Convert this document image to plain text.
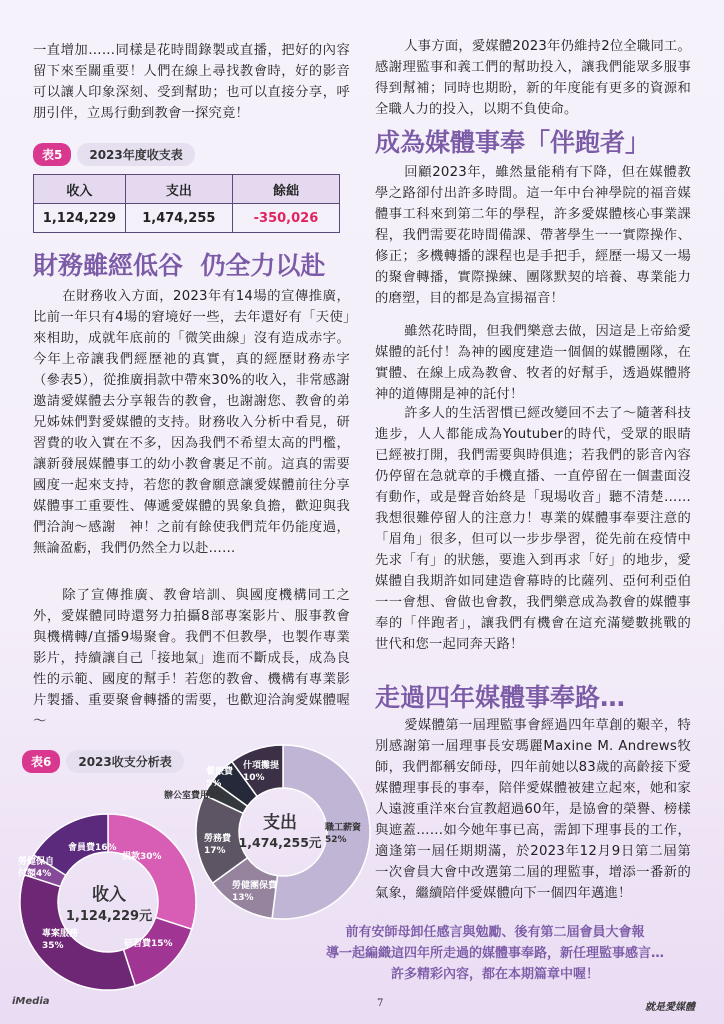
一直增加……同樣是花時間錄製或直播，把好的內容留下來至關重要！人們在線上尋找教會時，好的影音可以讓人印象深刻、受到幫助；也可以直接分享，呼朋引伴，立馬行動到教會一探究竟！

表5	2023年度收支表
收入	支出	餘絀
1,124,229	1,474,255	-350,026
財務雖經低谷  仍全力以赴

在財務收入方面，2023年有14場的宣傳推廣，比前一年只有4場的窘境好一些，去年還好有「天使」來相助，成就年底前的「微笑曲線」沒有造成赤字。今年上帝讓我們經歷祂的真實，真的經歷財務赤字（參表5），從推廣捐款中帶來30%的收入，非常感謝邀請愛媒體去分享報告的教會，也謝謝您、教會的弟兄姊妹們對愛媒體的支持。財務收入分析中看見，研習費的收入實在不多，因為我們不希望太高的門檻，讓新發展媒體事工的幼小教會裹足不前。這真的需要國度一起來支持，若您的教會願意讓愛媒體前往分享媒體事工重要性、傳遞愛媒體的異象負擔，歡迎與我們洽詢～感謝　神！之前有餘使我們荒年仍能度過，無論盈虧，我們仍然全力以赴……

除了宣傳推廣、教會培訓、與國度機構同工之外，愛媒體同時還努力拍攝8部專案影片、服事教會與機構轉/直播9場聚會。我們不但教學，也製作專業影片，持續讓自己「接地氣」進而不斷成長，成為良性的示範、國度的幫手！若您的教會、機構有專業影片製播、重要聚會轉播的需要，也歡迎洽詢愛媒體喔～

表6	2023收支分析表
捐款30%
研習費15%
專案服務35%
勞健保自付額4%
會員費16%
收入
1,124,229元
職工薪資52%
勞健團保費13%
勞務費17%
辦公室費用3%
餐旅費5%
什項攤提10%
支出
1,474,255元

人事方面，愛媒體2023年仍維持2位全職同工。感謝理監事和義工們的幫助投入，讓我們能眾多服事得到幫補；同時也期盼，新的年度能有更多的資源和全職人力的投入，以期不負使命。

成為媒體事奉「伴跑者」

回顧2023年，雖然量能稍有下降，但在媒體教學之路卻付出許多時間。這一年中台神學院的福音媒體事工科來到第二年的學程，許多愛媒體核心事業課程，我們需要花時間備課、帶著學生一一實際操作、修正；多機轉播的課程也是手把手，經歷一場又一場的聚會轉播，實際操練、團隊默契的培養、專業能力的磨塑，目的都是為宣揚福音！

雖然花時間，但我們樂意去做，因這是上帝給愛媒體的託付！為神的國度建造一個個的媒體團隊，在實體、在線上成為教會、牧者的好幫手，透過媒體將神的道傳開是神的託付！

許多人的生活習慣已經改變回不去了～隨著科技進步，人人都能成為Youtuber的時代，受眾的眼睛已經被打開，我們需要與時俱進；若我們的影音內容仍停留在急就章的手機直播、一直停留在一個畫面沒有動作，或是聲音始終是「現場收音」聽不清楚……我想很難停留人的注意力！專業的媒體事奉要注意的「眉角」很多，但可以一步步學習，從先前在疫情中先求「有」的狀態，要進入到再求「好」的地步，愛媒體自我期許如同建造會幕時的比薩列、亞何利亞伯一一會想、會做也會教，我們樂意成為教會的媒體事奉的「伴跑者」，讓我們有機會在這充滿變數挑戰的世代和您一起同奔天路！

走過四年媒體事奉路…

愛媒體第一屆理監事會經過四年草創的艱辛，特別感謝第一屆理事長安瑪麗Maxine M. Andrews牧師，我們都稱安師母，四年前她以83歲的高齡接下愛媒體理事長的事奉，陪伴愛媒體被建立起來，她和家人遠渡重洋來台宣教超過60年，是協會的榮譽、榜樣與遮蓋……如今她年事已高，需卸下理事長的工作，適逢第一屆任期期滿，於2023年12月9日第二屆第一次會員大會中改選第二屆的理監事，增添一番新的氣象，繼續陪伴愛媒體向下一個四年邁進！

前有安師母卸任感言與勉勵、後有第二屆會員大會報

導一起編織這四年所走過的媒體事奉路，新任理監事感言…

許多精彩內容，都在本期篇章中喔！

iMedia	7	就是愛媒體
